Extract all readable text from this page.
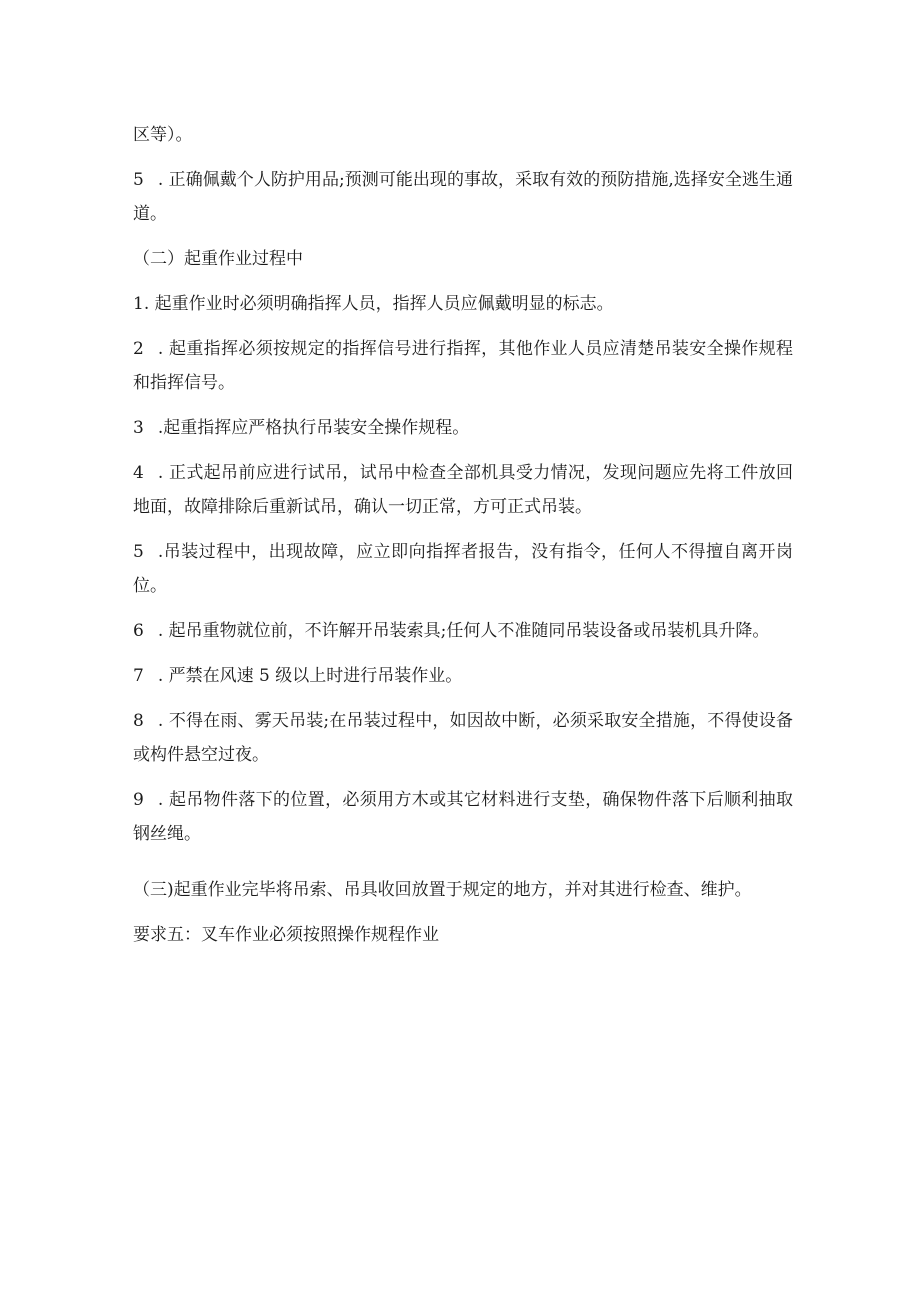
区等）。

5 . 正确佩戴个人防护用品;预测可能出现的事故，采取有效的预防措施,选择安全逃生通道。

（二）起重作业过程中

1. 起重作业时必须明确指挥人员，指挥人员应佩戴明显的标志。

2 . 起重指挥必须按规定的指挥信号进行指挥，其他作业人员应清楚吊装安全操作规程和指挥信号。

3 .起重指挥应严格执行吊装安全操作规程。

4 . 正式起吊前应进行试吊，试吊中检查全部机具受力情况，发现问题应先将工件放回地面，故障排除后重新试吊，确认一切正常，方可正式吊装。

5 .吊装过程中，出现故障，应立即向指挥者报告，没有指令，任何人不得擅自离开岗位。

6 . 起吊重物就位前，不许解开吊装索具;任何人不准随同吊装设备或吊装机具升降。

7 . 严禁在风速 5 级以上时进行吊装作业。

8 . 不得在雨、雾天吊装;在吊装过程中，如因故中断，必须采取安全措施，不得使设备或构件悬空过夜。

9 . 起吊物件落下的位置，必须用方木或其它材料进行支垫，确保物件落下后顺利抽取钢丝绳。

（三)起重作业完毕将吊索、吊具收回放置于规定的地方，并对其进行检查、维护。

要求五：叉车作业必须按照操作规程作业
